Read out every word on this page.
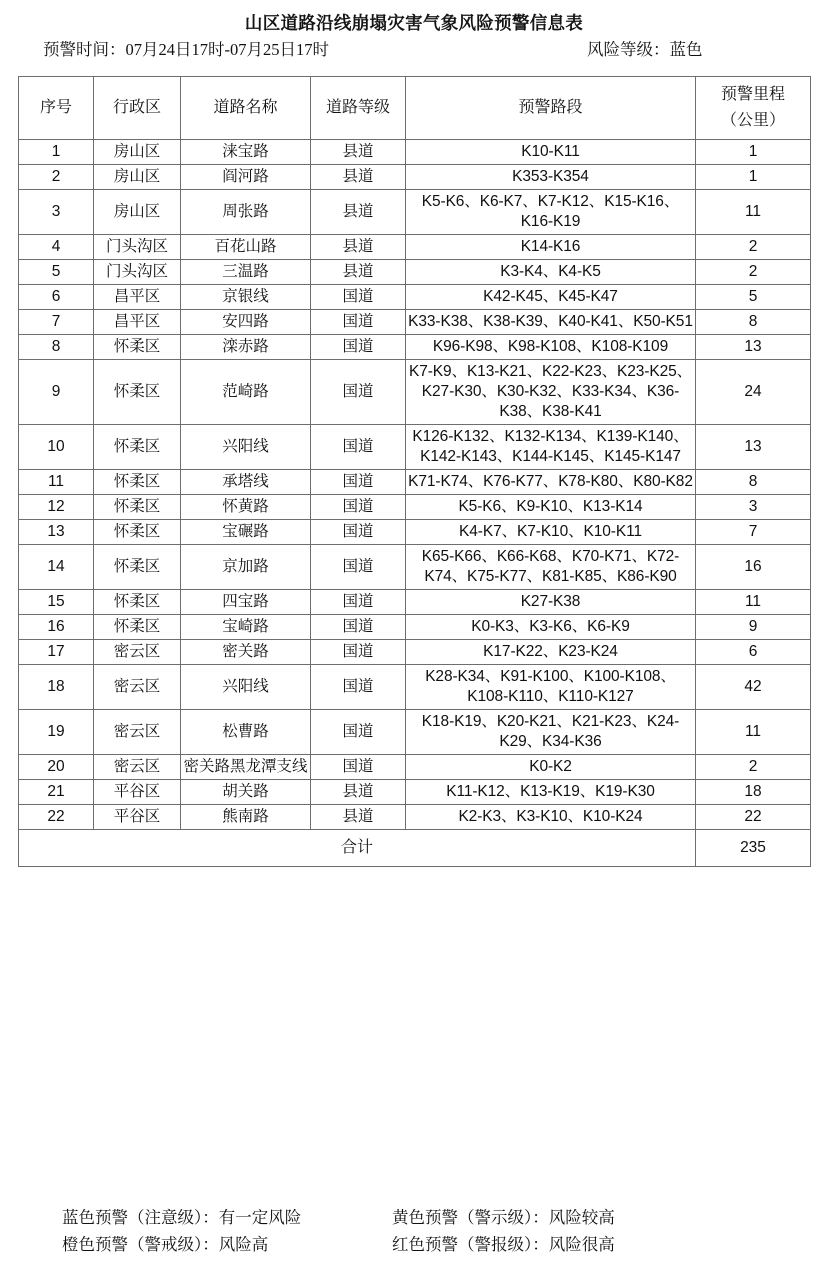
山区道路沿线崩塌灾害气象风险预警信息表
预警时间：07月24日17时-07月25日17时	风险等级：蓝色
序号	行政区	道路名称	道路等级	预警路段	预警里程
（公里）

1	房山区	涞宝路	县道	K10-K11	1
2	房山区	阎河路	县道	K353-K354	1
3	房山区	周张路	县道	K5-K6、K6-K7、K7-K12、K15-K16、K16-K19	11
4	门头沟区	百花山路	县道	K14-K16	2
5	门头沟区	三温路	县道	K3-K4、K4-K5	2
6	昌平区	京银线	国道	K42-K45、K45-K47	5
7	昌平区	安四路	国道	K33-K38、K38-K39、K40-K41、K50-K51	8
8	怀柔区	滦赤路	国道	K96-K98、K98-K108、K108-K109	13
9	怀柔区	范崎路	国道	K7-K9、K13-K21、K22-K23、K23-K25、K27-K30、K30-K32、K33-K34、K36-K38、K38-K41	24
10	怀柔区	兴阳线	国道	K126-K132、K132-K134、K139-K140、K142-K143、K144-K145、K145-K147	13
11	怀柔区	承塔线	国道	K71-K74、K76-K77、K78-K80、K80-K82	8
12	怀柔区	怀黄路	国道	K5-K6、K9-K10、K13-K14	3
13	怀柔区	宝碾路	国道	K4-K7、K7-K10、K10-K11	7
14	怀柔区	京加路	国道	K65-K66、K66-K68、K70-K71、K72-K74、K75-K77、K81-K85、K86-K90	16
15	怀柔区	四宝路	国道	K27-K38	11
16	怀柔区	宝崎路	国道	K0-K3、K3-K6、K6-K9	9
17	密云区	密关路	国道	K17-K22、K23-K24	6
18	密云区	兴阳线	国道	K28-K34、K91-K100、K100-K108、K108-K110、K110-K127	42
19	密云区	松曹路	国道	K18-K19、K20-K21、K21-K23、K24-K29、K34-K36	11
20	密云区	密关路黑龙潭支线	国道	K0-K2	2
21	平谷区	胡关路	县道	K11-K12、K13-K19、K19-K30	18
22	平谷区	熊南路	县道	K2-K3、K3-K10、K10-K24	22
合计					235
蓝色预警（注意级）：有一定风险	黄色预警（警示级）：风险较高
橙色预警（警戒级）：风险高	红色预警（警报级）：风险很高
